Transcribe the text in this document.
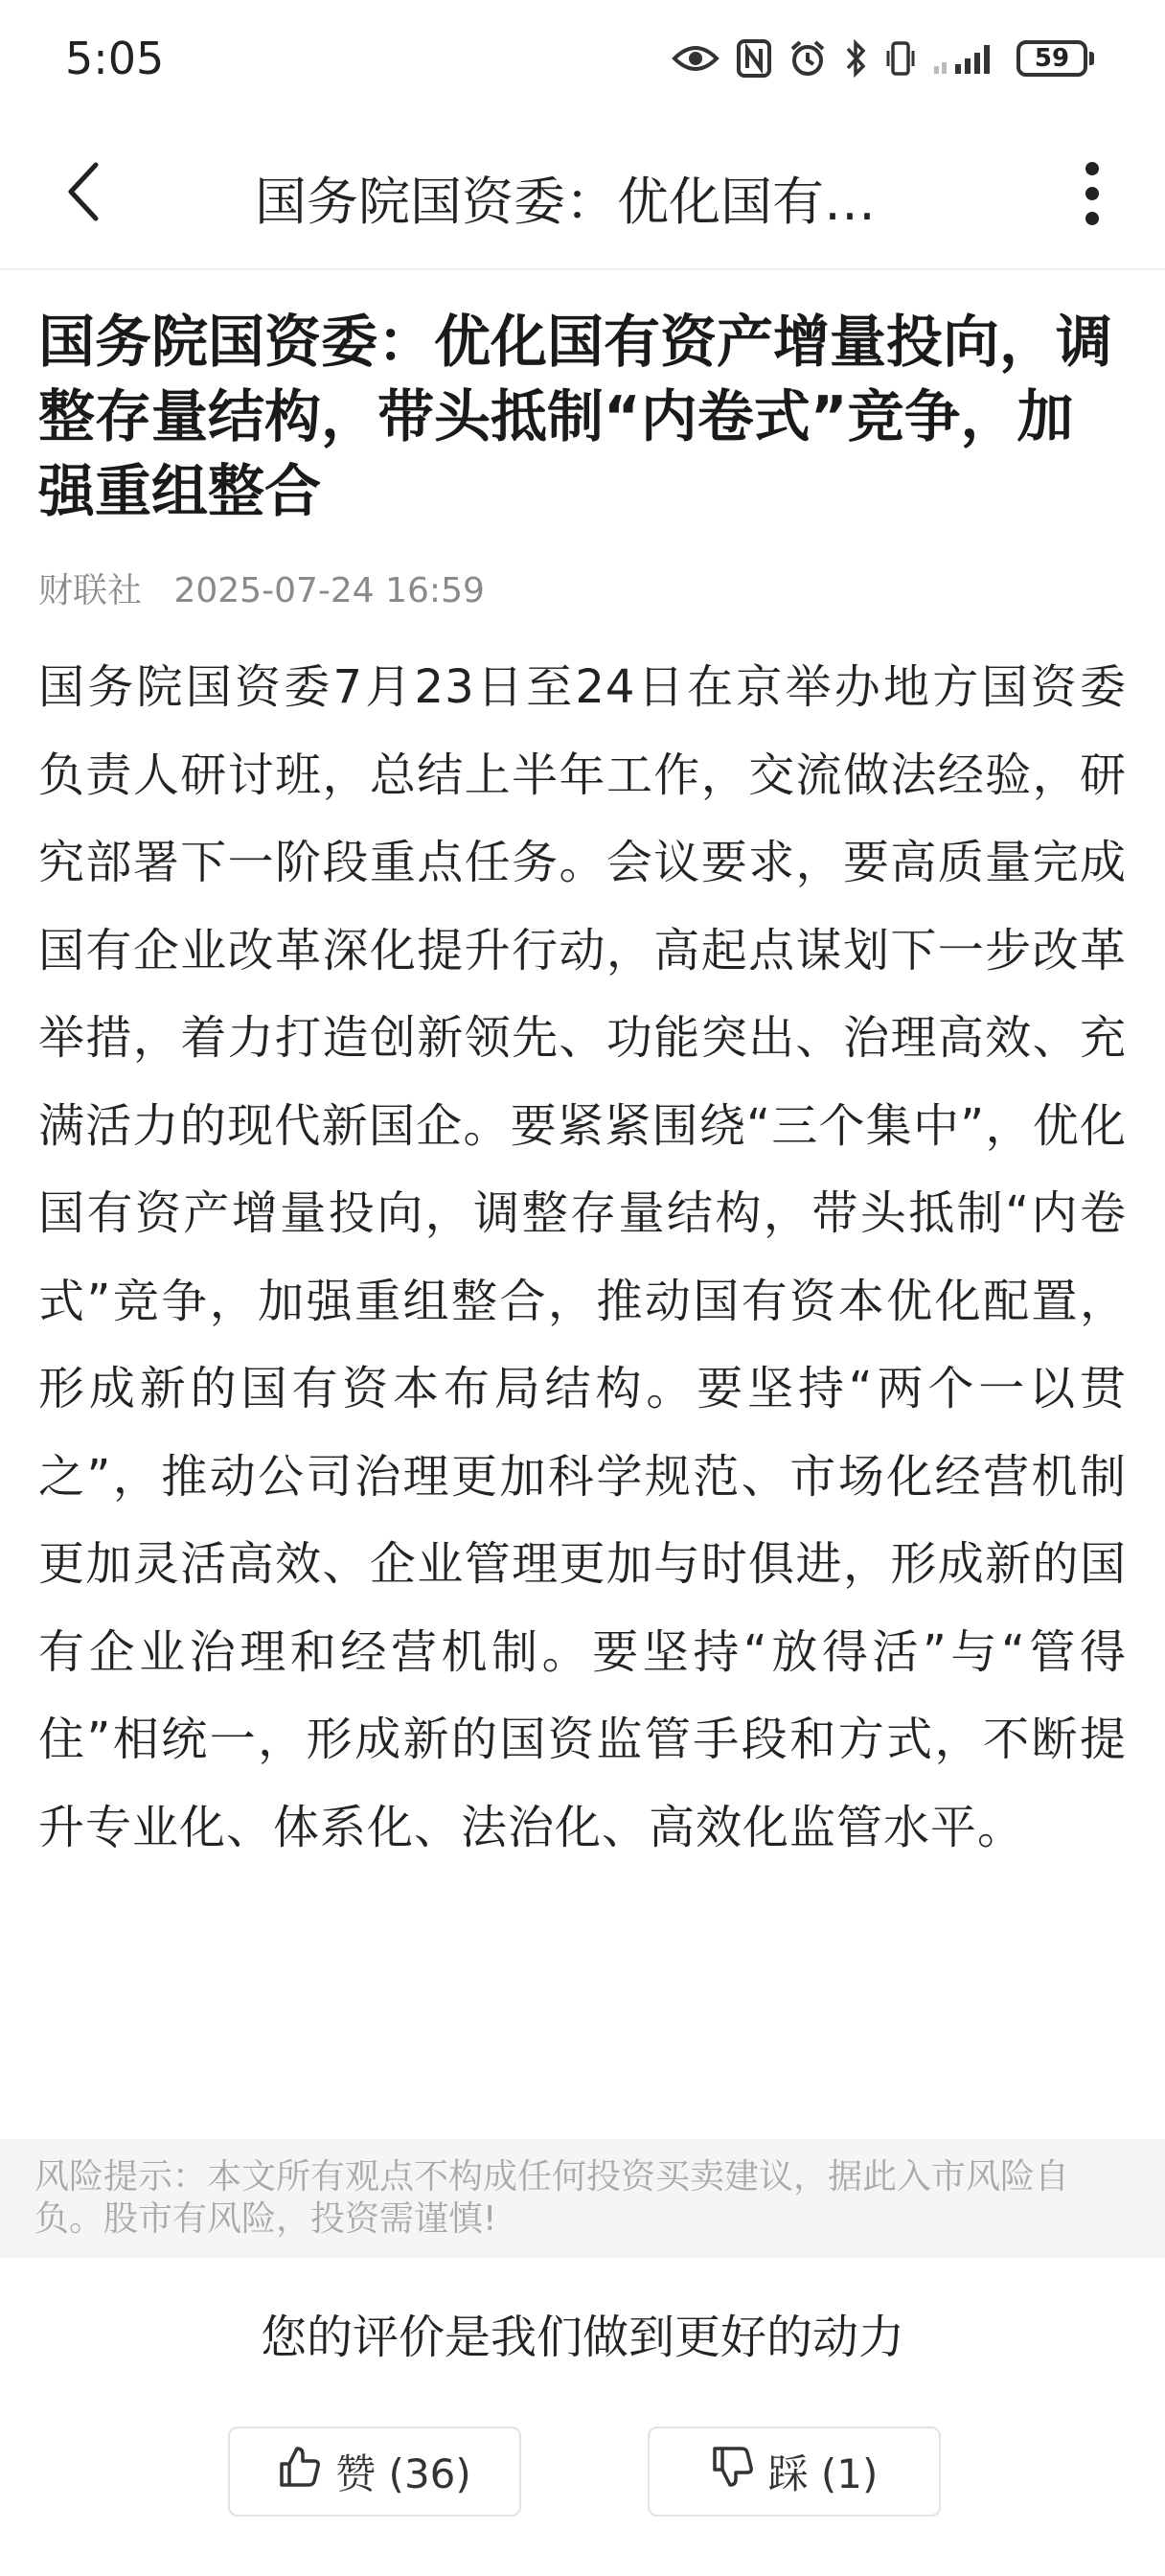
5:05	59
国务院国资委：优化国有…
国务院国资委：优化国有资产增量投向，调整存量结构，带头抵制“内卷式”竞争，加强重组整合
财联社 2025-07-24 16:59

国务院国资委7月23日至24日在京举办地方国资委负责人研讨班，总结上半年工作，交流做法经验，研究部署下一阶段重点任务。会议要求，要高质量完成国有企业改革深化提升行动，高起点谋划下一步改革举措，着力打造创新领先、功能突出、治理高效、充满活力的现代新国企。要紧紧围绕“三个集中”，优化国有资产增量投向，调整存量结构，带头抵制“内卷式”竞争，加强重组整合，推动国有资本优化配置，形成新的国有资本布局结构。要坚持“两个一以贯之”，推动公司治理更加科学规范、市场化经营机制更加灵活高效、企业管理更加与时俱进，形成新的国有企业治理和经营机制。要坚持“放得活”与“管得住”相统一，形成新的国资监管手段和方式，不断提升专业化、体系化、法治化、高效化监管水平。

风险提示：本文所有观点不构成任何投资买卖建议，据此入市风险自负。股市有风险，投资需谨慎!
您的评价是我们做到更好的动力
赞 (36)	踩 (1)
